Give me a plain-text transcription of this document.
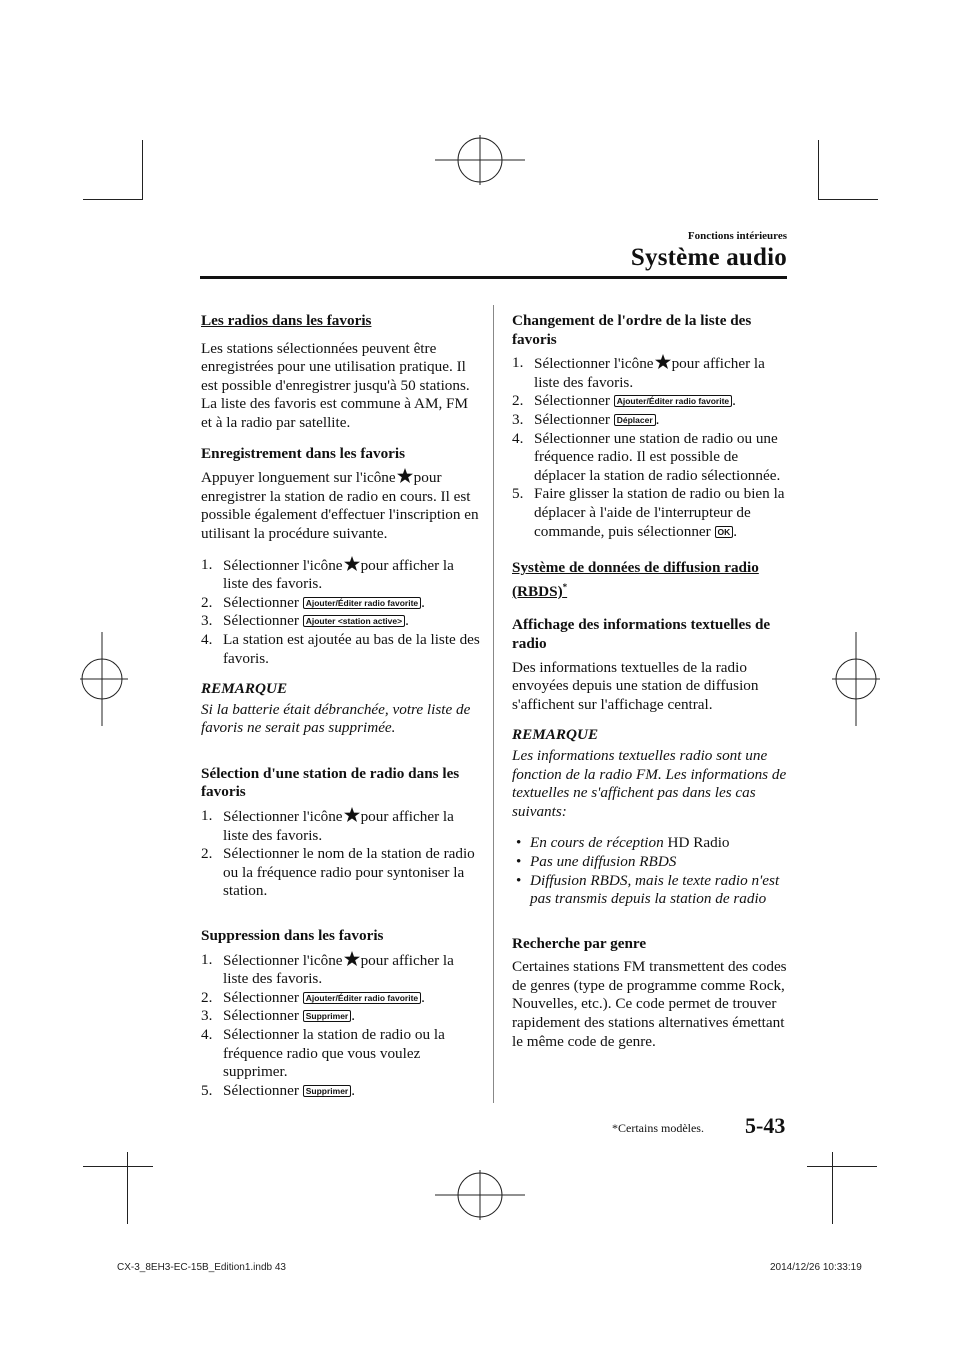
Fonctions intérieures
Système audio
Les radios dans les favoris

Les stations sélectionnées peuvent être enregistrées pour une utilisation pratique. Il est possible d'enregistrer jusqu'à 50 stations. La liste des favoris est commune à AM, FM et à la radio par satellite.

Enregistrement dans les favoris

Appuyer longuement sur l'icône pour enregistrer la station de radio en cours. Il est possible également d'effectuer l'inscription en utilisant la procédure suivante.

1. Sélectionner l'icône pour afficher la liste des favoris.
2. Sélectionner Ajouter/Éditer radio favorite .
3. Sélectionner Ajouter <station active> .
4. La station est ajoutée au bas de la liste des favoris.
REMARQUE
Si la batterie était débranchée, votre liste de favoris ne serait pas supprimée.
Sélection d'une station de radio dans les favoris
1. Sélectionner l'icône pour afficher la liste des favoris.
2. Sélectionner le nom de la station de radio ou la fréquence radio pour syntoniser la station.
Suppression dans les favoris
1. Sélectionner l'icône pour afficher la liste des favoris.
2. Sélectionner Ajouter/Éditer radio favorite .
3. Sélectionner Supprimer .
4. Sélectionner la station de radio ou la fréquence radio que vous voulez supprimer.
5. Sélectionner Supprimer .
Changement de l'ordre de la liste des favoris
1. Sélectionner l'icône pour afficher la liste des favoris.
2. Sélectionner Ajouter/Éditer radio favorite .
3. Sélectionner Déplacer .
4. Sélectionner une station de radio ou une fréquence radio. Il est possible de déplacer la station de radio sélectionnée.
5. Faire glisser la station de radio ou bien la déplacer à l'aide de l'interrupteur de commande, puis sélectionner OK .
Système de données de diffusion radio (RBDS)*
Affichage des informations textuelles de radio

Des informations textuelles de la radio envoyées depuis une station de diffusion s'affichent sur l'affichage central.

REMARQUE
Les informations textuelles radio sont une fonction de la radio FM. Les informations de textuelles ne s'affichent pas dans les cas suivants:
• En cours de réception HD Radio
• Pas une diffusion RBDS
• Diffusion RBDS, mais le texte radio n'est pas transmis depuis la station de radio
Recherche par genre

Certaines stations FM transmettent des codes de genres (type de programme comme Rock, Nouvelles, etc.). Ce code permet de trouver rapidement des stations alternatives émettant le même code de genre.

*Certains modèles. 5-43
CX-3_8EH3-EC-15B_Edition1.indb 43	2014/12/26 10:33:19
